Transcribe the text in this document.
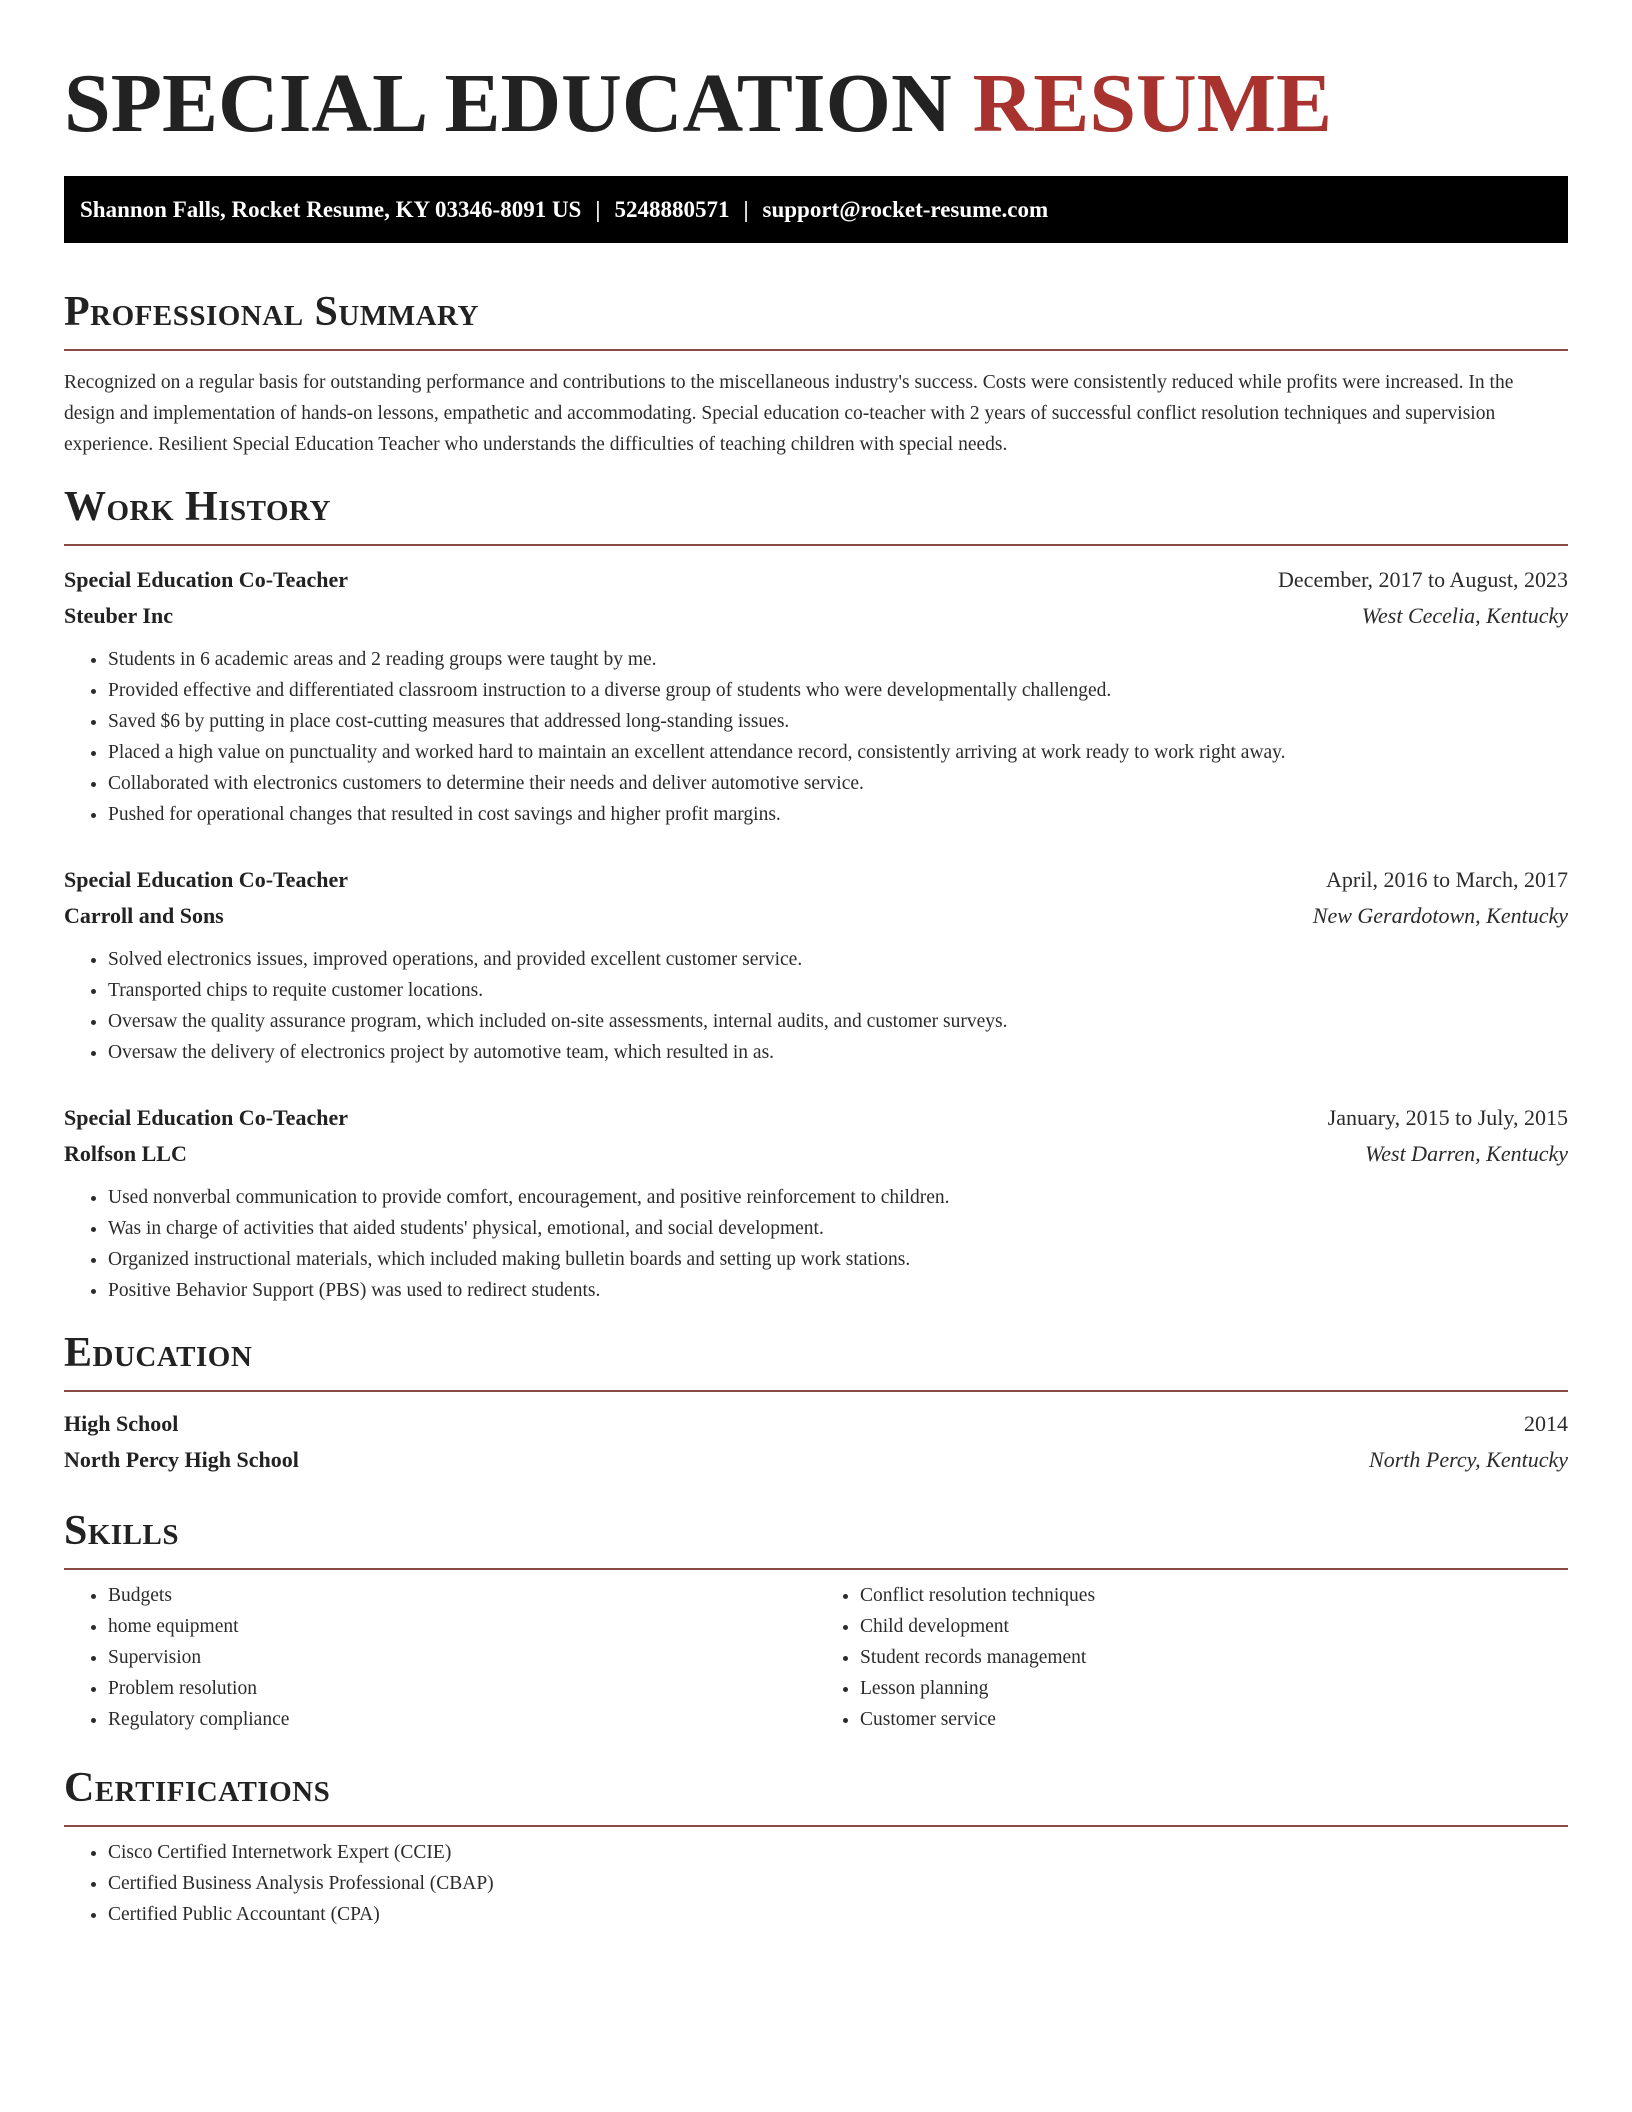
SPECIAL EDUCATION RESUME
Shannon Falls, Rocket Resume, KY 03346-8091 US | 5248880571 | support@rocket-resume.com
Professional Summary

Recognized on a regular basis for outstanding performance and contributions to the miscellaneous industry's success. Costs were consistently reduced while profits were increased. In the design and implementation of hands-on lessons, empathetic and accommodating. Special education co-teacher with 2 years of successful conflict resolution techniques and supervision experience. Resilient Special Education Teacher who understands the difficulties of teaching children with special needs.

Work History
Special Education Co-Teacher	December, 2017 to August, 2023
Steuber Inc	West Cecelia, Kentucky
• Students in 6 academic areas and 2 reading groups were taught by me.
• Provided effective and differentiated classroom instruction to a diverse group of students who were developmentally challenged.
• Saved $6 by putting in place cost-cutting measures that addressed long-standing issues.
• Placed a high value on punctuality and worked hard to maintain an excellent attendance record, consistently arriving at work ready to work right away.
• Collaborated with electronics customers to determine their needs and deliver automotive service.
• Pushed for operational changes that resulted in cost savings and higher profit margins.
Special Education Co-Teacher	April, 2016 to March, 2017
Carroll and Sons	New Gerardotown, Kentucky
• Solved electronics issues, improved operations, and provided excellent customer service.
• Transported chips to requite customer locations.
• Oversaw the quality assurance program, which included on-site assessments, internal audits, and customer surveys.
• Oversaw the delivery of electronics project by automotive team, which resulted in as.
Special Education Co-Teacher	January, 2015 to July, 2015
Rolfson LLC	West Darren, Kentucky
• Used nonverbal communication to provide comfort, encouragement, and positive reinforcement to children.
• Was in charge of activities that aided students' physical, emotional, and social development.
• Organized instructional materials, which included making bulletin boards and setting up work stations.
• Positive Behavior Support (PBS) was used to redirect students.
Education
High School	2014
North Percy High School	North Percy, Kentucky
Skills
• Budgets
• home equipment
• Supervision
• Problem resolution
• Regulatory compliance
• Conflict resolution techniques
• Child development
• Student records management
• Lesson planning
• Customer service
Certifications
• Cisco Certified Internetwork Expert (CCIE)
• Certified Business Analysis Professional (CBAP)
• Certified Public Accountant (CPA)
